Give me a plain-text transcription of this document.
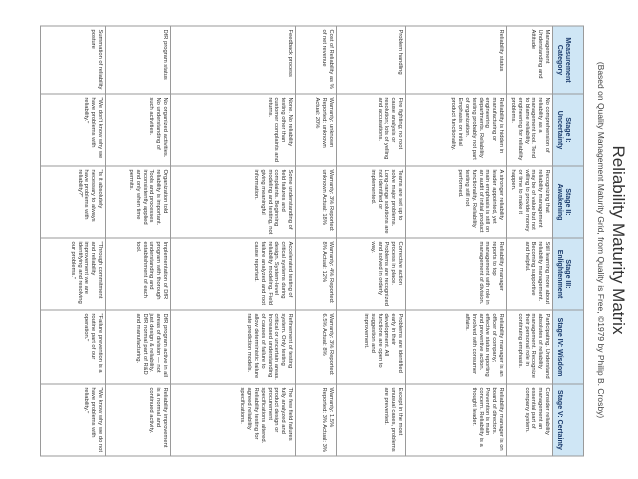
Reliability Maturity Matrix
(Based on Quality Management Maturity Grid, from Quality is Free, ©1979 by Philip B. Crosby)
Measurement Category	Stage I: Uncertainty	Stage II: Awakening	Stage III: Enlightenment	Stage IV: Wisdom	Stage V: Certainty
Management Understanding and Attitude	No comprehension of reliability as a management tool. Tend to blame reliability engineering for reliability problems.	Recognizing that reliability management may be of value but not willing to provide money or time to make it happen.	Still learning more about reliability management. Becoming supportive and helpful.	Participating. Understand absolutes of reliability management. Recognize their personal role in continuing emphasis.	Consider reliability management an essential part of company system.
Reliability status	Reliability is hidden in manufacturing or engineering departments. Reliability testing probably not part of organization. Emphasis on initial product functionality.	A stronger reliability leader appointed, yet main emphasis is still on an audit of initial product functionality. Reliability testing still not performed.	Reliability manager reports to top management with role in management of division.	Reliability manager is an officer of company; effective status reporting and preventive action. Involved with consumer affairs.	Reliability manager is on board of directors. Prevention is main concern. Reliability is a thought leader.
Problem handling	Fire fighting; no root cause analysis or resolution; lots of yelling and accusations.	Teams are set up to solve major problems. Long-range solutions are not identified or implemented.	Corrective action process in place. Problems are recognized and solved in orderly way.	Problems are identified early in their development. All functions are open to suggestion and improvement.	Except in the most unusual cases, problems are prevented.
Cost of Reliability as % of net revenue	Warranty: unknown Reported: unknown Actual: 20%	Warranty: 3% Reported: unknown Actual: 18%	Warranty: 4% Reported: 8% Actual: 12%	Warranty: 3% Reported: 6.5% Actual: 8%	Warranty: 1.5% Reported: 3% Actual: 3%
Feedback process	None. No reliability testing other than customer complaints and returns.	Some understanding of field failures and complaints. Beginning modeling and testing, not giving meaningful information.	Accelerated testing of critical systems during design. System-level reliability modeling. Field failure analyzed and root cause reported.	Refinement of testing system. Only testing critical or uncertain areas. Increased understanding of causes of failure to allow deterministic failure rate prediction models.	The few field failures fully analyzed and product design or procurement specifications altered. Reliability testing for agreed reliability specifications.
DfR program status	No organized activities. No understanding of such activities.	Organization told reliability is important. Tools and processes inconsistently applied and only when time permits.	Implementation of DfR program with thorough understanding and establishment of each tool.	DfR program active in all areas of division — not just design & reliability. DfR normal part of R&D and manufacturing.	Reliability improvement is a normal and continued activity.
Summation of reliability posture	"We don't know why we have problems with reliability."	"Is it absolutely necessary to always have problems with reliability?"	"Through commitment and reliability improvement we are identifying and resolving our problems."	"Failure prevention is a routine part of our operation."	"We know why we do not have problems with reliability."
